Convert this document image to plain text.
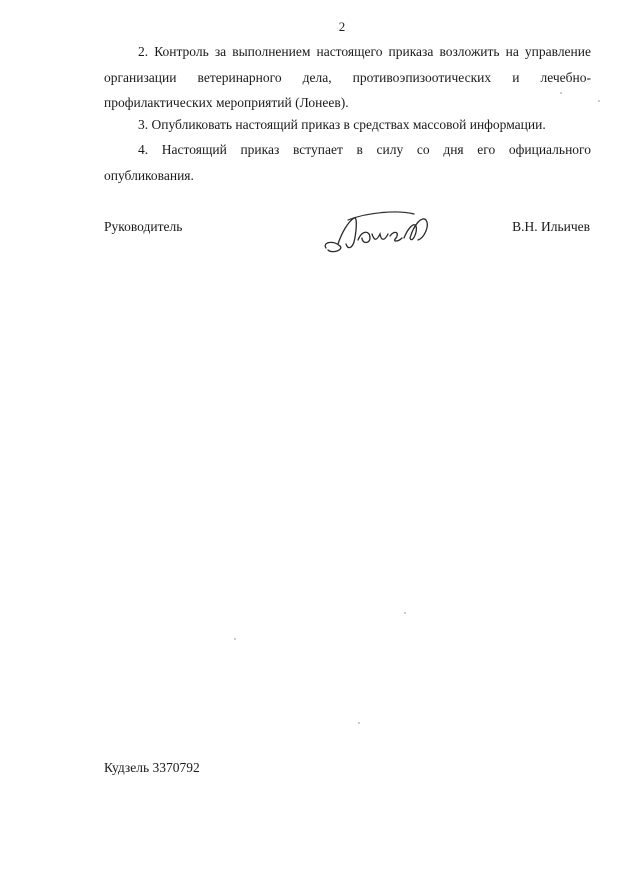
2
2. Контроль за выполнением настоящего приказа возложить на управление организации ветеринарного дела, противоэпизоотических и лечебно-профилактических мероприятий (Лонеев).
3. Опубликовать настоящий приказ в средствах массовой информации.
4. Настоящий приказ вступает в силу со дня его официального опубликования.
Руководитель	В.Н. Ильичев
Кудзель 3370792
